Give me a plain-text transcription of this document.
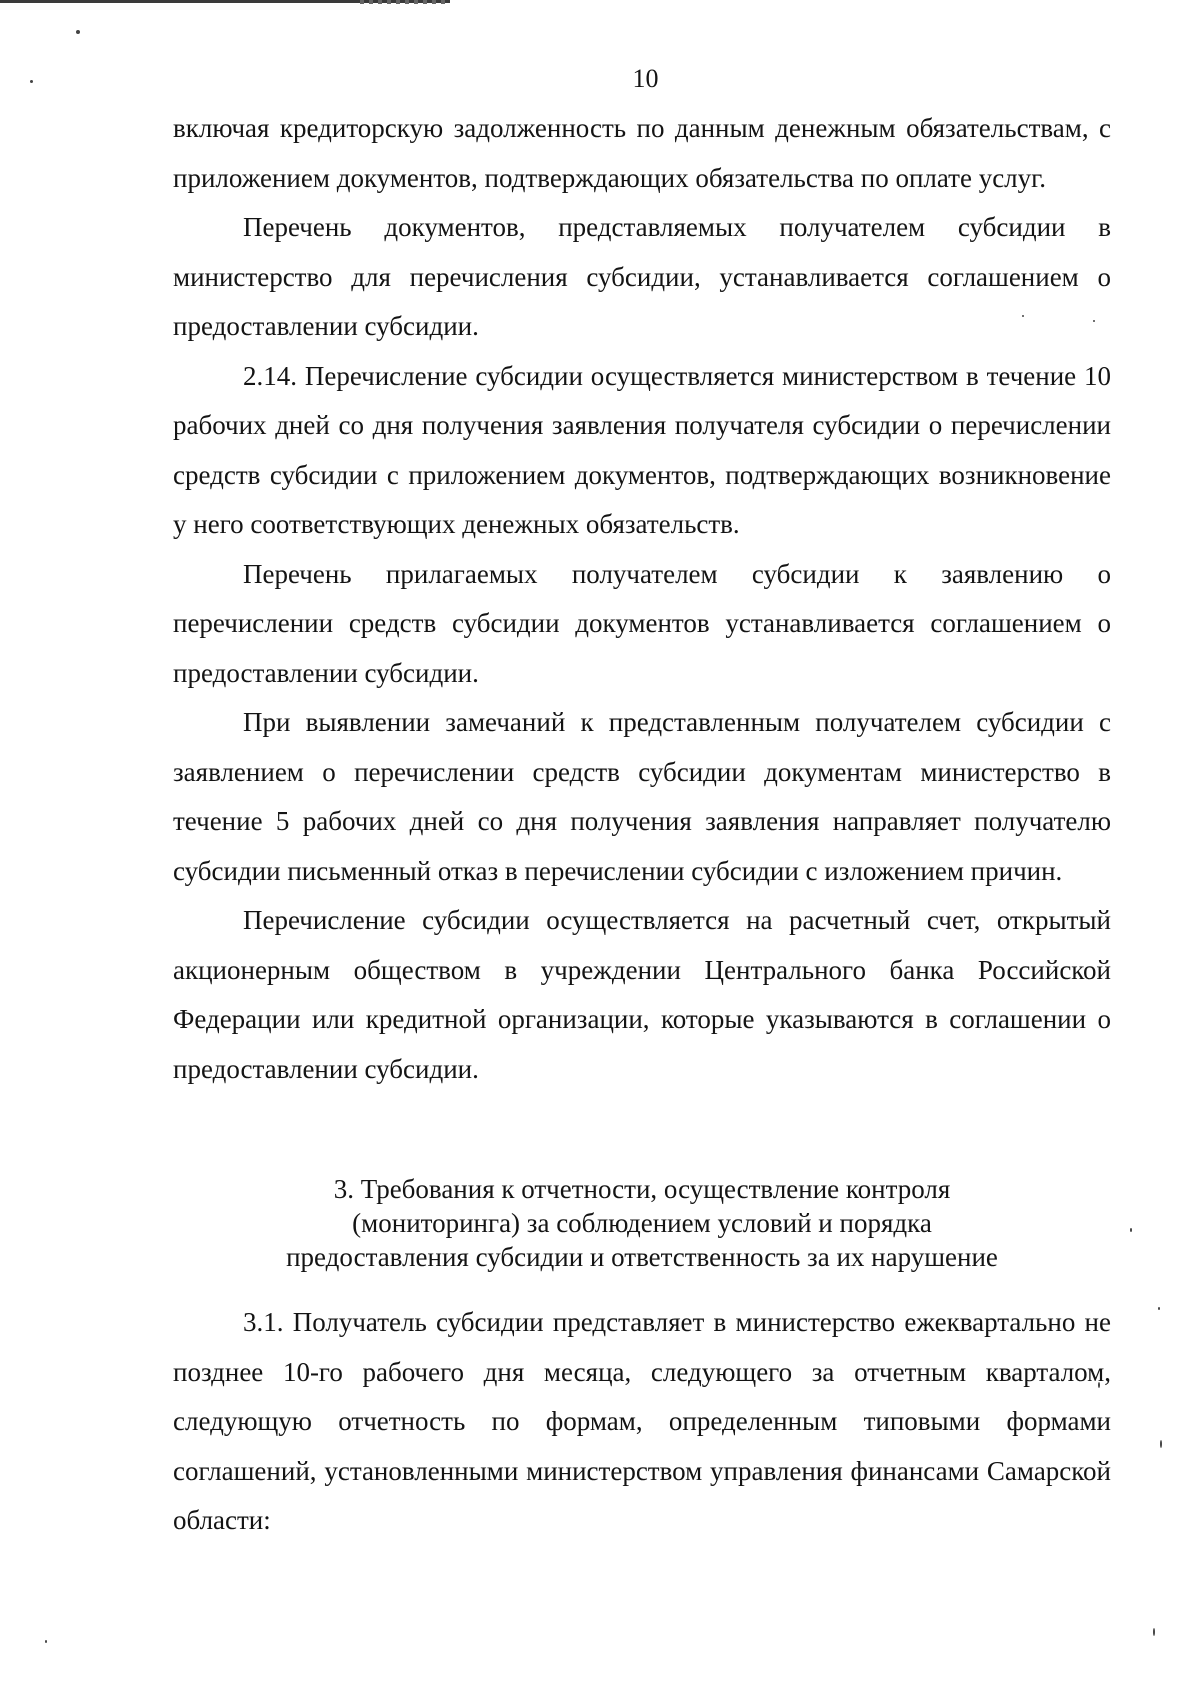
10

включая кредиторскую задолженность по данным денежным обязательствам, с приложением документов, подтверждающих обязательства по оплате услуг.

Перечень документов, представляемых получателем субсидии в министерство для перечисления субсидии, устанавливается соглашением о предоставлении субсидии.

2.14. Перечисление субсидии осуществляется министерством в течение 10 рабочих дней со дня получения заявления получателя субсидии о перечислении средств субсидии с приложением документов, подтверждающих возникновение у него соответствующих денежных обязательств.

Перечень прилагаемых получателем субсидии к заявлению о перечислении средств субсидии документов устанавливается соглашением о предоставлении субсидии.

При выявлении замечаний к представленным получателем субсидии с заявлением о перечислении средств субсидии документам министерство в течение 5 рабочих дней со дня получения заявления направляет получателю субсидии письменный отказ в перечислении субсидии с изложением причин.

Перечисление субсидии осуществляется на расчетный счет, открытый акционерным обществом в учреждении Центрального банка Российской Федерации или кредитной организации, которые указываются в соглашении о предоставлении субсидии.

3. Требования к отчетности, осуществление контроля
(мониторинга) за соблюдением условий и порядка
предоставления субсидии и ответственность за их нарушение

3.1. Получатель субсидии представляет в министерство ежеквартально не позднее 10-го рабочего дня месяца, следующего за отчетным кварталом, следующую отчетность по формам, определенным типовыми формами соглашений, установленными министерством управления финансами Самарской области:
